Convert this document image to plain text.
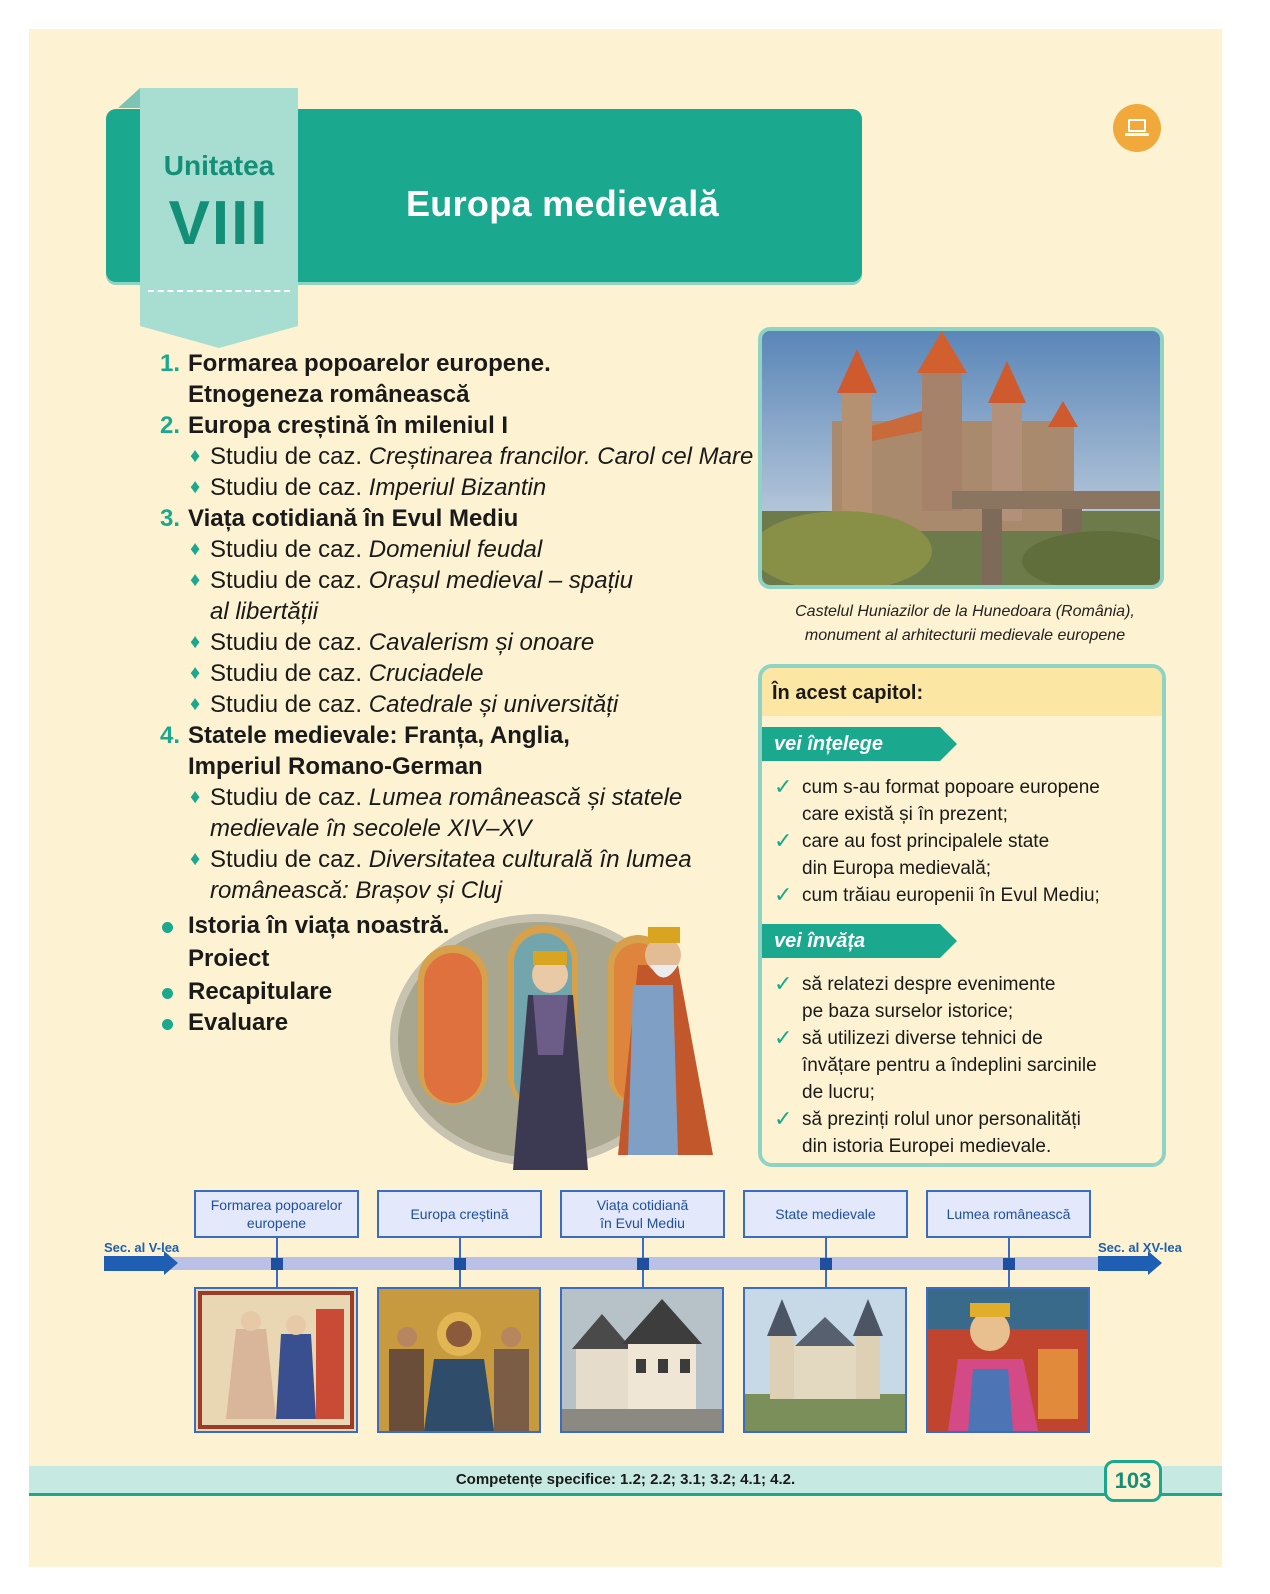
Europa medievală
Unitatea
VIII
1. Formarea popoarelor europene.
Etnogeneza românească
2. Europa creștină în mileniul I
♦ Studiu de caz. Creștinarea francilor. Carol cel Mare
♦ Studiu de caz. Imperiul Bizantin
3. Viața cotidiană în Evul Mediu
♦ Studiu de caz. Domeniul feudal
♦ Studiu de caz. Orașul medieval – spațiu
al libertății
♦ Studiu de caz. Cavalerism și onoare
♦ Studiu de caz. Cruciadele
♦ Studiu de caz. Catedrale și universități
4. Statele medievale: Franța, Anglia,
Imperiul Romano-German
♦ Studiu de caz. Lumea românească și statele
medievale în secolele XIV–XV
♦ Studiu de caz. Diversitatea culturală în lumea
românească: Brașov și Cluj
Istoria în viața noastră.
Proiect
Recapitulare
Evaluare
Castelul Huniazilor de la Hunedoara (România),
monument al arhitecturii medievale europene
În acest capitol:
vei înțelege
✓ cum s-au format popoare europene
care există și în prezent;
✓ care au fost principalele state
din Europa medievală;
✓ cum trăiau europenii în Evul Mediu;
vei învăța
✓ să relatezi despre evenimente
pe baza surselor istorice;
✓ să utilizezi diverse tehnici de
învățare pentru a îndeplini sarcinile
de lucru;
✓ să prezinți rolul unor personalități
din istoria Europei medievale.
Sec. al V-lea	Sec. al XV-lea
Formarea popoarelor
europene
Europa creștină
Viața cotidiană
în Evul Mediu
State medievale	Lumea românească
Competențe specifice: 1.2; 2.2; 3.1; 3.2; 4.1; 4.2.	103
